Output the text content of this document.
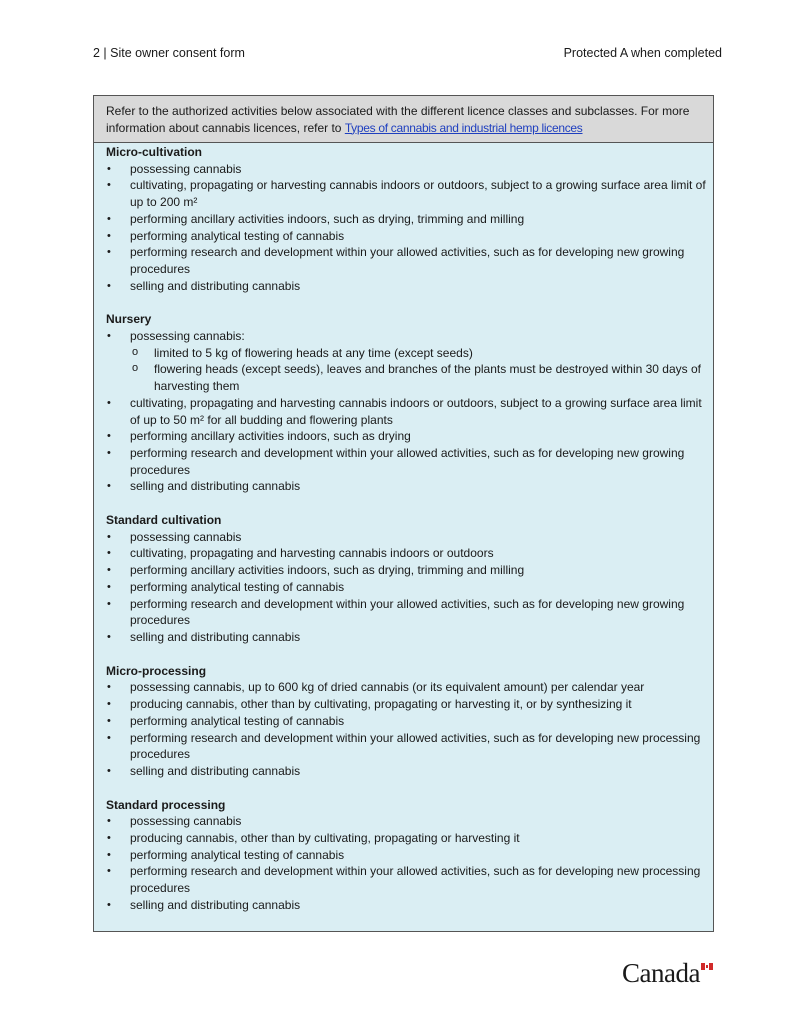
2 | Site owner consent form	Protected A when completed
Refer to the authorized activities below associated with the different licence classes and subclasses. For more information about cannabis licences, refer to Types of cannabis and industrial hemp licences
Micro-cultivation
• possessing cannabis
• cultivating, propagating or harvesting cannabis indoors or outdoors, subject to a growing surface area limit of up to 200 m²
• performing ancillary activities indoors, such as drying, trimming and milling
• performing analytical testing of cannabis
• performing research and development within your allowed activities, such as for developing new growing procedures
• selling and distributing cannabis
Nursery
• possessing cannabis:
o limited to 5 kg of flowering heads at any time (except seeds)
o flowering heads (except seeds), leaves and branches of the plants must be destroyed within 30 days of harvesting them
• cultivating, propagating and harvesting cannabis indoors or outdoors, subject to a growing surface area limit of up to 50 m² for all budding and flowering plants
• performing ancillary activities indoors, such as drying
• performing research and development within your allowed activities, such as for developing new growing procedures
• selling and distributing cannabis
Standard cultivation
• possessing cannabis
• cultivating, propagating and harvesting cannabis indoors or outdoors
• performing ancillary activities indoors, such as drying, trimming and milling
• performing analytical testing of cannabis
• performing research and development within your allowed activities, such as for developing new growing procedures
• selling and distributing cannabis
Micro-processing
• possessing cannabis, up to 600 kg of dried cannabis (or its equivalent amount) per calendar year
• producing cannabis, other than by cultivating, propagating or harvesting it, or by synthesizing it
• performing analytical testing of cannabis
• performing research and development within your allowed activities, such as for developing new processing procedures
• selling and distributing cannabis
Standard processing
• possessing cannabis
• producing cannabis, other than by cultivating, propagating or harvesting it
• performing analytical testing of cannabis
• performing research and development within your allowed activities, such as for developing new processing procedures
• selling and distributing cannabis
Canada
